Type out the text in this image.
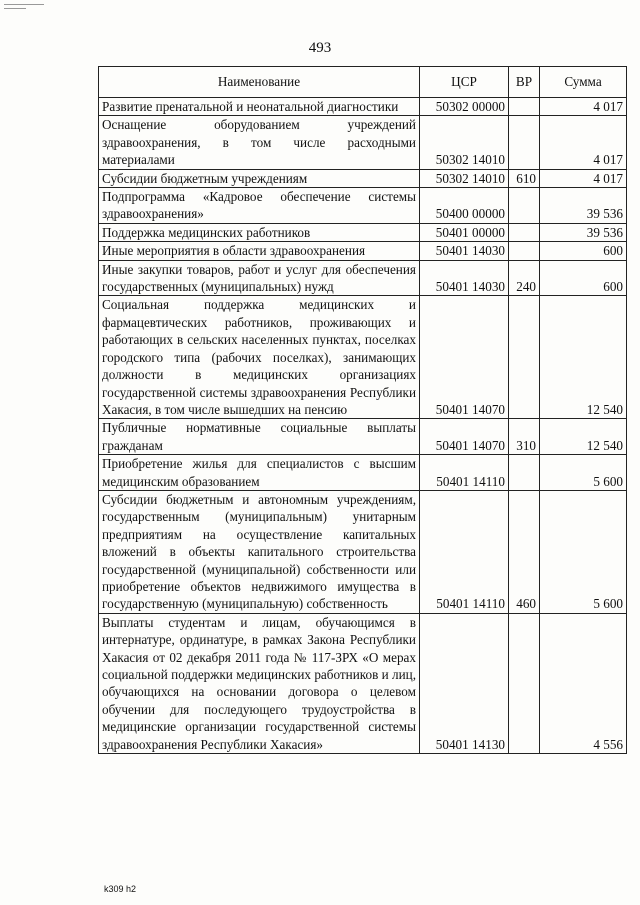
493
Наименование	ЦСР	ВР	Сумма
Развитие пренатальной и неонатальной диагностики	50302 00000		4 017
Оснащение оборудованием учреждений здравоохранения, в том числе расходными материалами	50302 14010		4 017
Субсидии бюджетным учреждениям	50302 14010	610	4 017
Подпрограмма «Кадровое обеспечение системы здравоохранения»	50400 00000		39 536
Поддержка медицинских работников	50401 00000		39 536
Иные мероприятия в области здравоохранения	50401 14030		600
Иные закупки товаров, работ и услуг для обеспечения государственных (муниципальных) нужд	50401 14030	240	600
Социальная поддержка медицинских и фармацевтических работников, проживающих и работающих в сельских населенных пунктах, поселках городского типа (рабочих поселках), занимающих должности в медицинских организациях государственной системы здравоохранения Республики Хакасия, в том числе вышедших на пенсию	50401 14070		12 540
Публичные нормативные социальные выплаты гражданам	50401 14070	310	12 540
Приобретение жилья для специалистов с высшим медицинским образованием	50401 14110		5 600
Субсидии бюджетным и автономным учреждениям, государственным (муниципальным) унитарным предприятиям на осуществление капитальных вложений в объекты капитального строительства государственной (муниципальной) собственности или приобретение объектов недвижимого имущества в государственную (муниципальную) собственность	50401 14110	460	5 600
Выплаты студентам и лицам, обучающимся в интернатуре, ординатуре, в рамках Закона Республики Хакасия от 02 декабря 2011 года № 117-ЗРХ «О мерах социальной поддержки медицинских работников и лиц, обучающихся на основании договора о целевом обучении для последующего трудоустройства в медицинские организации государственной системы здравоохранения Республики Хакасия»	50401 14130		4 556
k309 h2
